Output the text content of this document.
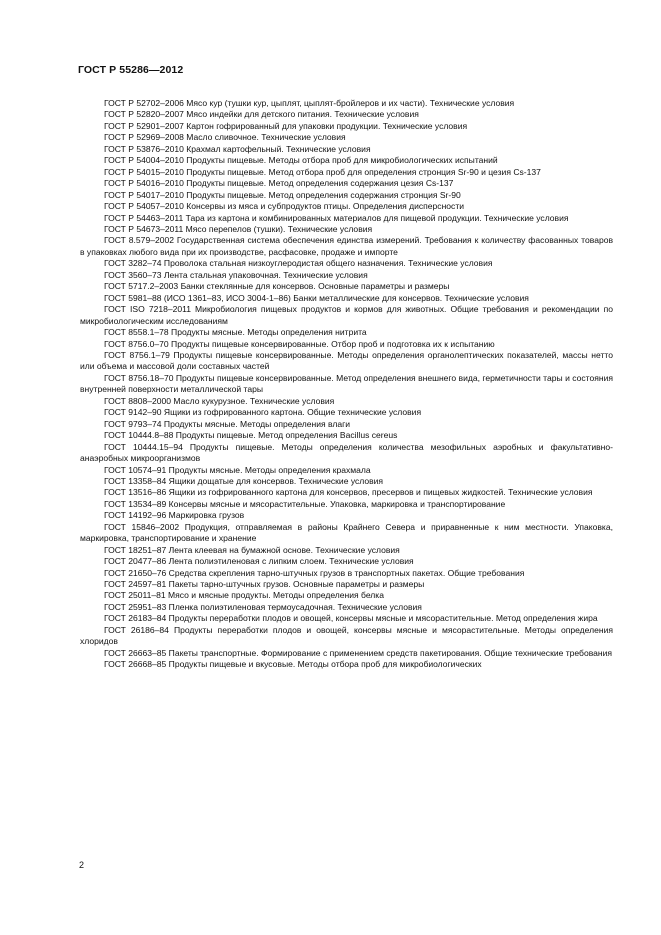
ГОСТ Р 55286—2012

ГОСТ Р 52702–2006 Мясо кур (тушки кур, цыплят, цыплят-бройлеров и их части). Технические условия

ГОСТ Р 52820–2007 Мясо индейки для детского питания. Технические условия

ГОСТ Р 52901–2007 Картон гофрированный для упаковки продукции. Технические условия

ГОСТ Р 52969–2008 Масло сливочное. Технические условия

ГОСТ Р 53876–2010 Крахмал картофельный. Технические условия

ГОСТ Р 54004–2010 Продукты пищевые. Методы отбора проб для микробиологических испытаний

ГОСТ Р 54015–2010 Продукты пищевые. Метод отбора проб для определения стронция Sr-90 и цезия Cs-137

ГОСТ Р 54016–2010 Продукты пищевые. Метод определения содержания цезия Cs-137

ГОСТ Р 54017–2010 Продукты пищевые. Метод определения содержания стронция Sr-90

ГОСТ Р 54057–2010 Консервы из мяса и субпродуктов птицы. Определения дисперсности

ГОСТ Р 54463–2011 Тара из картона и комбинированных материалов для пищевой продукции. Технические условия

ГОСТ Р 54673–2011 Мясо перепелов (тушки). Технические условия

ГОСТ 8.579–2002 Государственная система обеспечения единства измерений. Требования к количеству фасованных товаров в упаковках любого вида при их производстве, расфасовке, продаже и импорте

ГОСТ 3282–74 Проволока стальная низкоуглеродистая общего назначения. Технические условия

ГОСТ 3560–73 Лента стальная упаковочная. Технические условия

ГОСТ 5717.2–2003 Банки стеклянные для консервов. Основные параметры и размеры

ГОСТ 5981–88 (ИСО 1361–83, ИСО 3004-1–86) Банки металлические для консервов. Технические условия

ГОСТ ISO 7218–2011 Микробиология пищевых продуктов и кормов для животных. Общие требования и рекомендации по микробиологическим исследованиям

ГОСТ 8558.1–78 Продукты мясные. Методы определения нитрита

ГОСТ 8756.0–70 Продукты пищевые консервированные. Отбор проб и подготовка их к испытанию

ГОСТ 8756.1–79 Продукты пищевые консервированные. Методы определения органолептических показателей, массы нетто или объема и массовой доли составных частей

ГОСТ 8756.18–70 Продукты пищевые консервированные. Метод определения внешнего вида, герметичности тары и состояния внутренней поверхности металлической тары

ГОСТ 8808–2000 Масло кукурузное. Технические условия

ГОСТ 9142–90 Ящики из гофрированного картона. Общие технические условия

ГОСТ 9793–74 Продукты мясные. Методы определения влаги

ГОСТ 10444.8–88 Продукты пищевые. Метод определения Bacillus cereus

ГОСТ 10444.15–94 Продукты пищевые. Методы определения количества мезофильных аэробных и факультативно-анаэробных микроорганизмов

ГОСТ 10574–91 Продукты мясные. Методы определения крахмала

ГОСТ 13358–84 Ящики дощатые для консервов. Технические условия

ГОСТ 13516–86 Ящики из гофрированного картона для консервов, пресервов и пищевых жидкостей. Технические условия

ГОСТ 13534–89 Консервы мясные и мясорастительные. Упаковка, маркировка и транспортирование

ГОСТ 14192–96 Маркировка грузов

ГОСТ 15846–2002 Продукция, отправляемая в районы Крайнего Севера и приравненные к ним местности. Упаковка, маркировка, транспортирование и хранение

ГОСТ 18251–87 Лента клеевая на бумажной основе. Технические условия

ГОСТ 20477–86 Лента полиэтиленовая с липким слоем. Технические условия

ГОСТ 21650–76 Средства скрепления тарно-штучных грузов в транспортных пакетах. Общие требования

ГОСТ 24597–81 Пакеты тарно-штучных грузов. Основные параметры и размеры

ГОСТ 25011–81 Мясо и мясные продукты. Методы определения белка

ГОСТ 25951–83 Пленка полиэтиленовая термоусадочная. Технические условия

ГОСТ 26183–84 Продукты переработки плодов и овощей, консервы мясные и мясорастительные. Метод определения жира

ГОСТ 26186–84 Продукты переработки плодов и овощей, консервы мясные и мясорастительные. Методы определения хлоридов

ГОСТ 26663–85 Пакеты транспортные. Формирование с применением средств пакетирования. Общие технические требования

ГОСТ 26668–85 Продукты пищевые и вкусовые. Методы отбора проб для микробиологических

2
